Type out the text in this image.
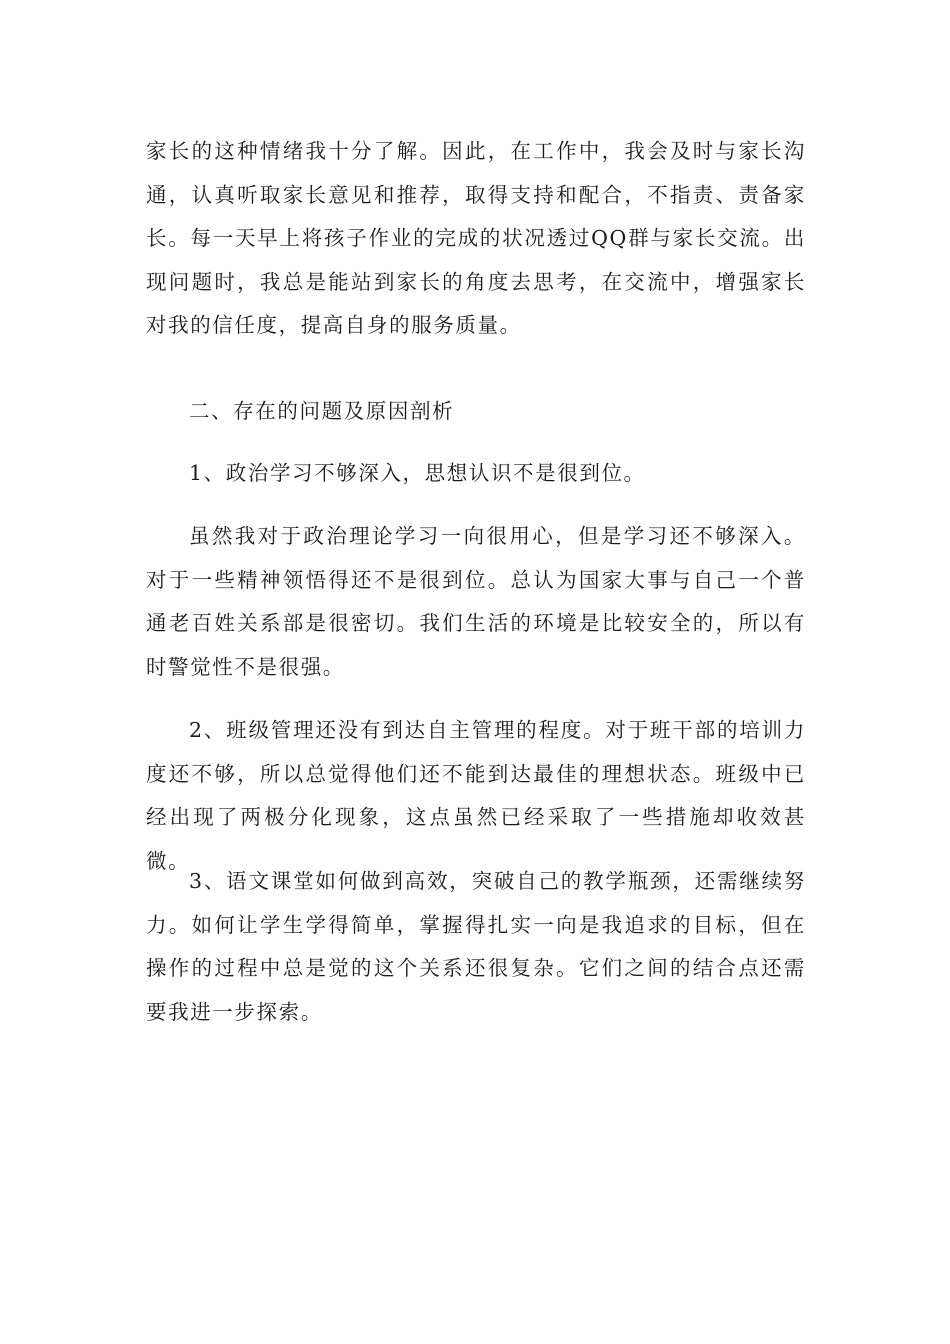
家长的这种情绪我十分了解。因此，在工作中，我会及时与家长沟通，认真听取家长意见和推荐，取得支持和配合，不指责、责备家长。每一天早上将孩子作业的完成的状况透过QQ群与家长交流。出现问题时，我总是能站到家长的角度去思考，在交流中，增强家长对我的信任度，提高自身的服务质量。

二、存在的问题及原因剖析

1、政治学习不够深入，思想认识不是很到位。

虽然我对于政治理论学习一向很用心，但是学习还不够深入。对于一些精神领悟得还不是很到位。总认为国家大事与自己一个普通老百姓关系部是很密切。我们生活的环境是比较安全的，所以有时警觉性不是很强。

2、班级管理还没有到达自主管理的程度。对于班干部的培训力度还不够，所以总觉得他们还不能到达最佳的理想状态。班级中已经出现了两极分化现象，这点虽然已经采取了一些措施却收效甚微。

3、语文课堂如何做到高效，突破自己的教学瓶颈，还需继续努力。如何让学生学得简单，掌握得扎实一向是我追求的目标，但在操作的过程中总是觉的这个关系还很复杂。它们之间的结合点还需要我进一步探索。
